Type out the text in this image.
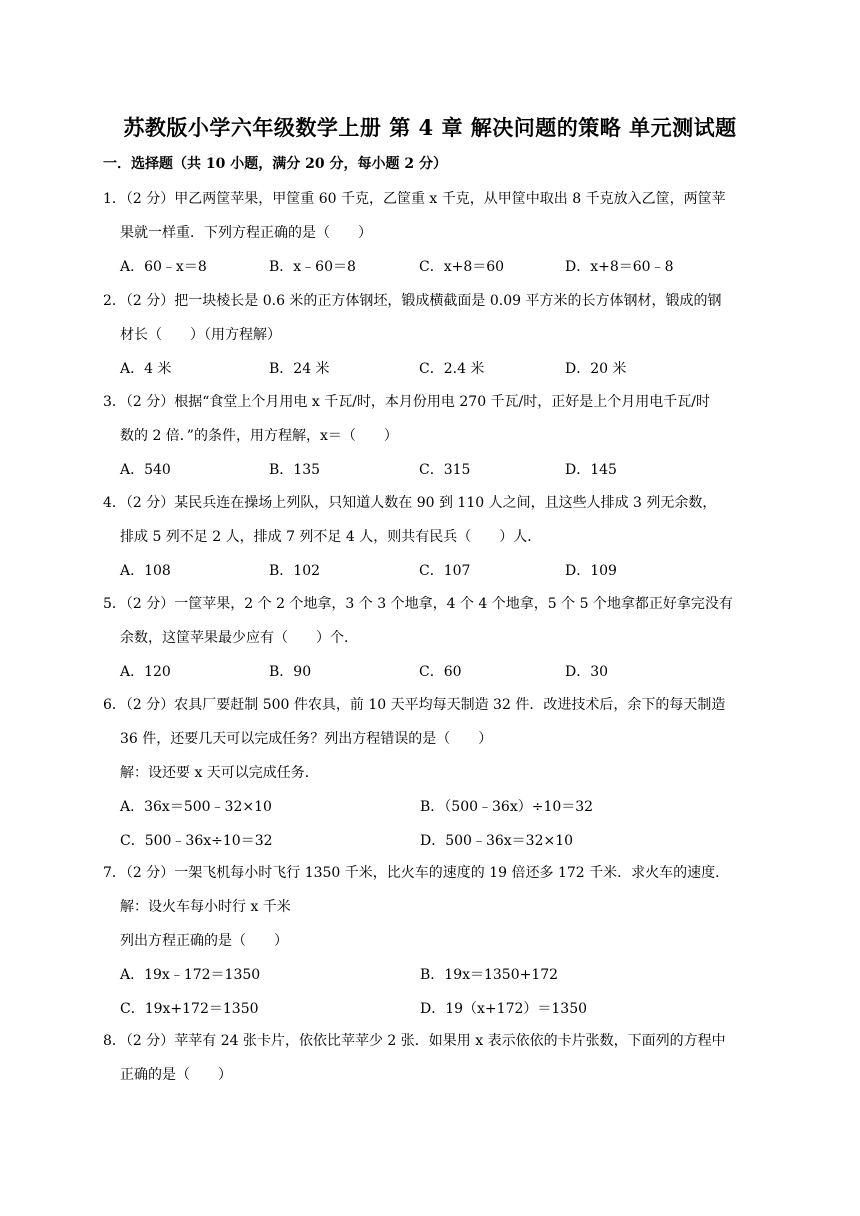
苏教版小学六年级数学上册 第 4 章 解决问题的策略 单元测试题
一．选择题（共 10 小题，满分 20 分，每小题 2 分）
1．（2 分）甲乙两筐苹果，甲筐重 60 千克，乙筐重 x 千克，从甲筐中取出 8 千克放入乙筐，两筐苹
果就一样重．下列方程正确的是（　　）
A．60﹣x＝8	B．x﹣60＝8	C．x+8＝60	D．x+8＝60﹣8
2．（2 分）把一块棱长是 0.6 米的正方体钢坯，锻成横截面是 0.09 平方米的长方体钢材，锻成的钢
材长（　　）（用方程解）
A．4 米	B．24 米	C．2.4 米	D．20 米
3．（2 分）根据“食堂上个月用电 x 千瓦/时，本月份用电 270 千瓦/时，正好是上个月用电千瓦/时
数的 2 倍．”的条件，用方程解，x＝（　　）
A．540	B．135	C．315	D．145
4．（2 分）某民兵连在操场上列队，只知道人数在 90 到 110 人之间，且这些人排成 3 列无余数，
排成 5 列不足 2 人，排成 7 列不足 4 人，则共有民兵（　　）人．
A．108	B．102	C．107	D．109
5．（2 分）一筐苹果，2 个 2 个地拿，3 个 3 个地拿，4 个 4 个地拿，5 个 5 个地拿都正好拿完没有
余数，这筐苹果最少应有（　　）个．
A．120	B．90	C．60	D．30
6．（2 分）农具厂要赶制 500 件农具，前 10 天平均每天制造 32 件．改进技术后，余下的每天制造
36 件，还要几天可以完成任务？列出方程错误的是（　　）
解：设还要 x 天可以完成任务．
A．36x＝500﹣32×10	B．（500﹣36x）÷10＝32
C．500﹣36x÷10＝32	D．500﹣36x＝32×10
7．（2 分）一架飞机每小时飞行 1350 千米，比火车的速度的 19 倍还多 172 千米．求火车的速度．
解：设火车每小时行 x 千米
列出方程正确的是（　　）
A．19x﹣172＝1350	B．19x＝1350+172
C．19x+172＝1350	D．19（x+172）＝1350
8．（2 分）苹苹有 24 张卡片，依依比苹苹少 2 张．如果用 x 表示依依的卡片张数，下面列的方程中
正确的是（　　）
